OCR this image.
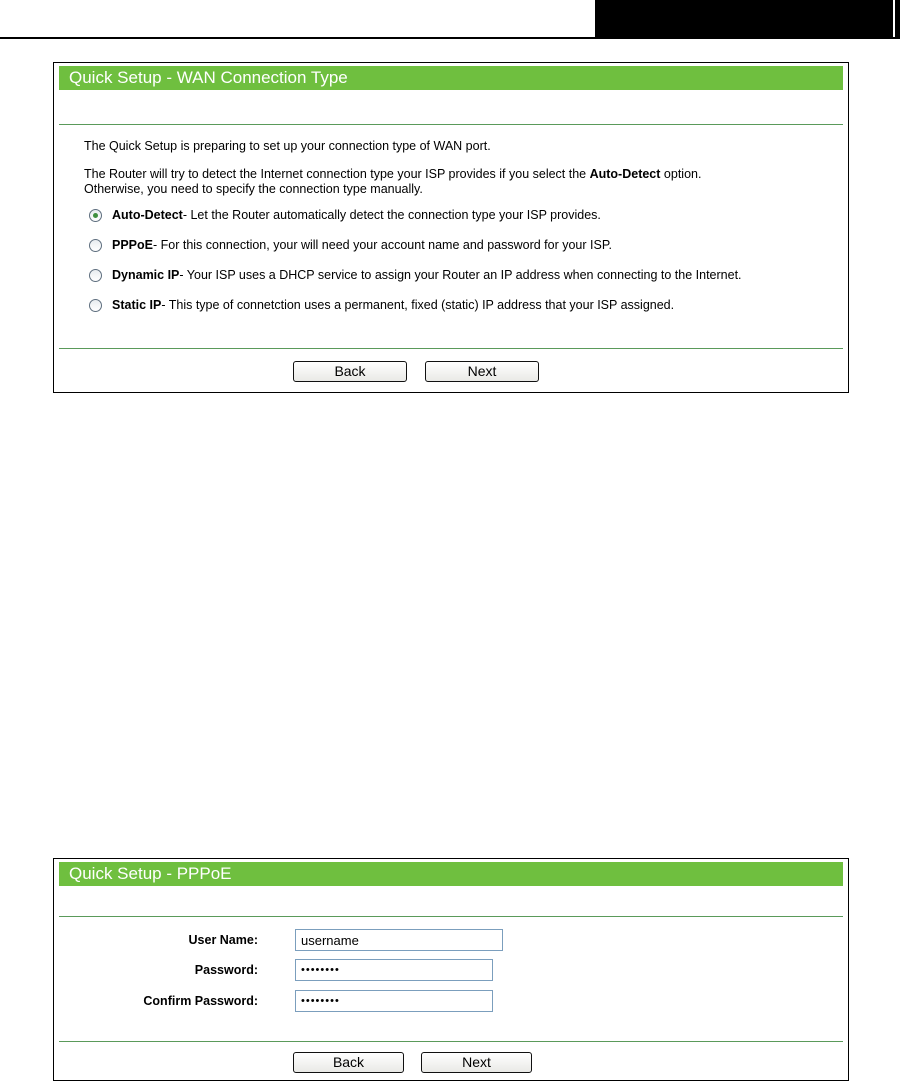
Quick Setup - WAN Connection Type
The Quick Setup is preparing to set up your connection type of WAN port.
The Router will try to detect the Internet connection type your ISP provides if you select the Auto-Detect option.
Otherwise, you need to specify the connection type manually.
Auto-Detect - Let the Router automatically detect the connection type your ISP provides.
PPPoE - For this connection, your will need your account name and password for your ISP.
Dynamic IP - Your ISP uses a DHCP service to assign your Router an IP address when connecting to the Internet.
Static IP - This type of connetction uses a permanent, fixed (static) IP address that your ISP assigned.
Back	Next
Quick Setup - PPPoE
User Name:
username
Password:
Confirm Password:
Back	Next
